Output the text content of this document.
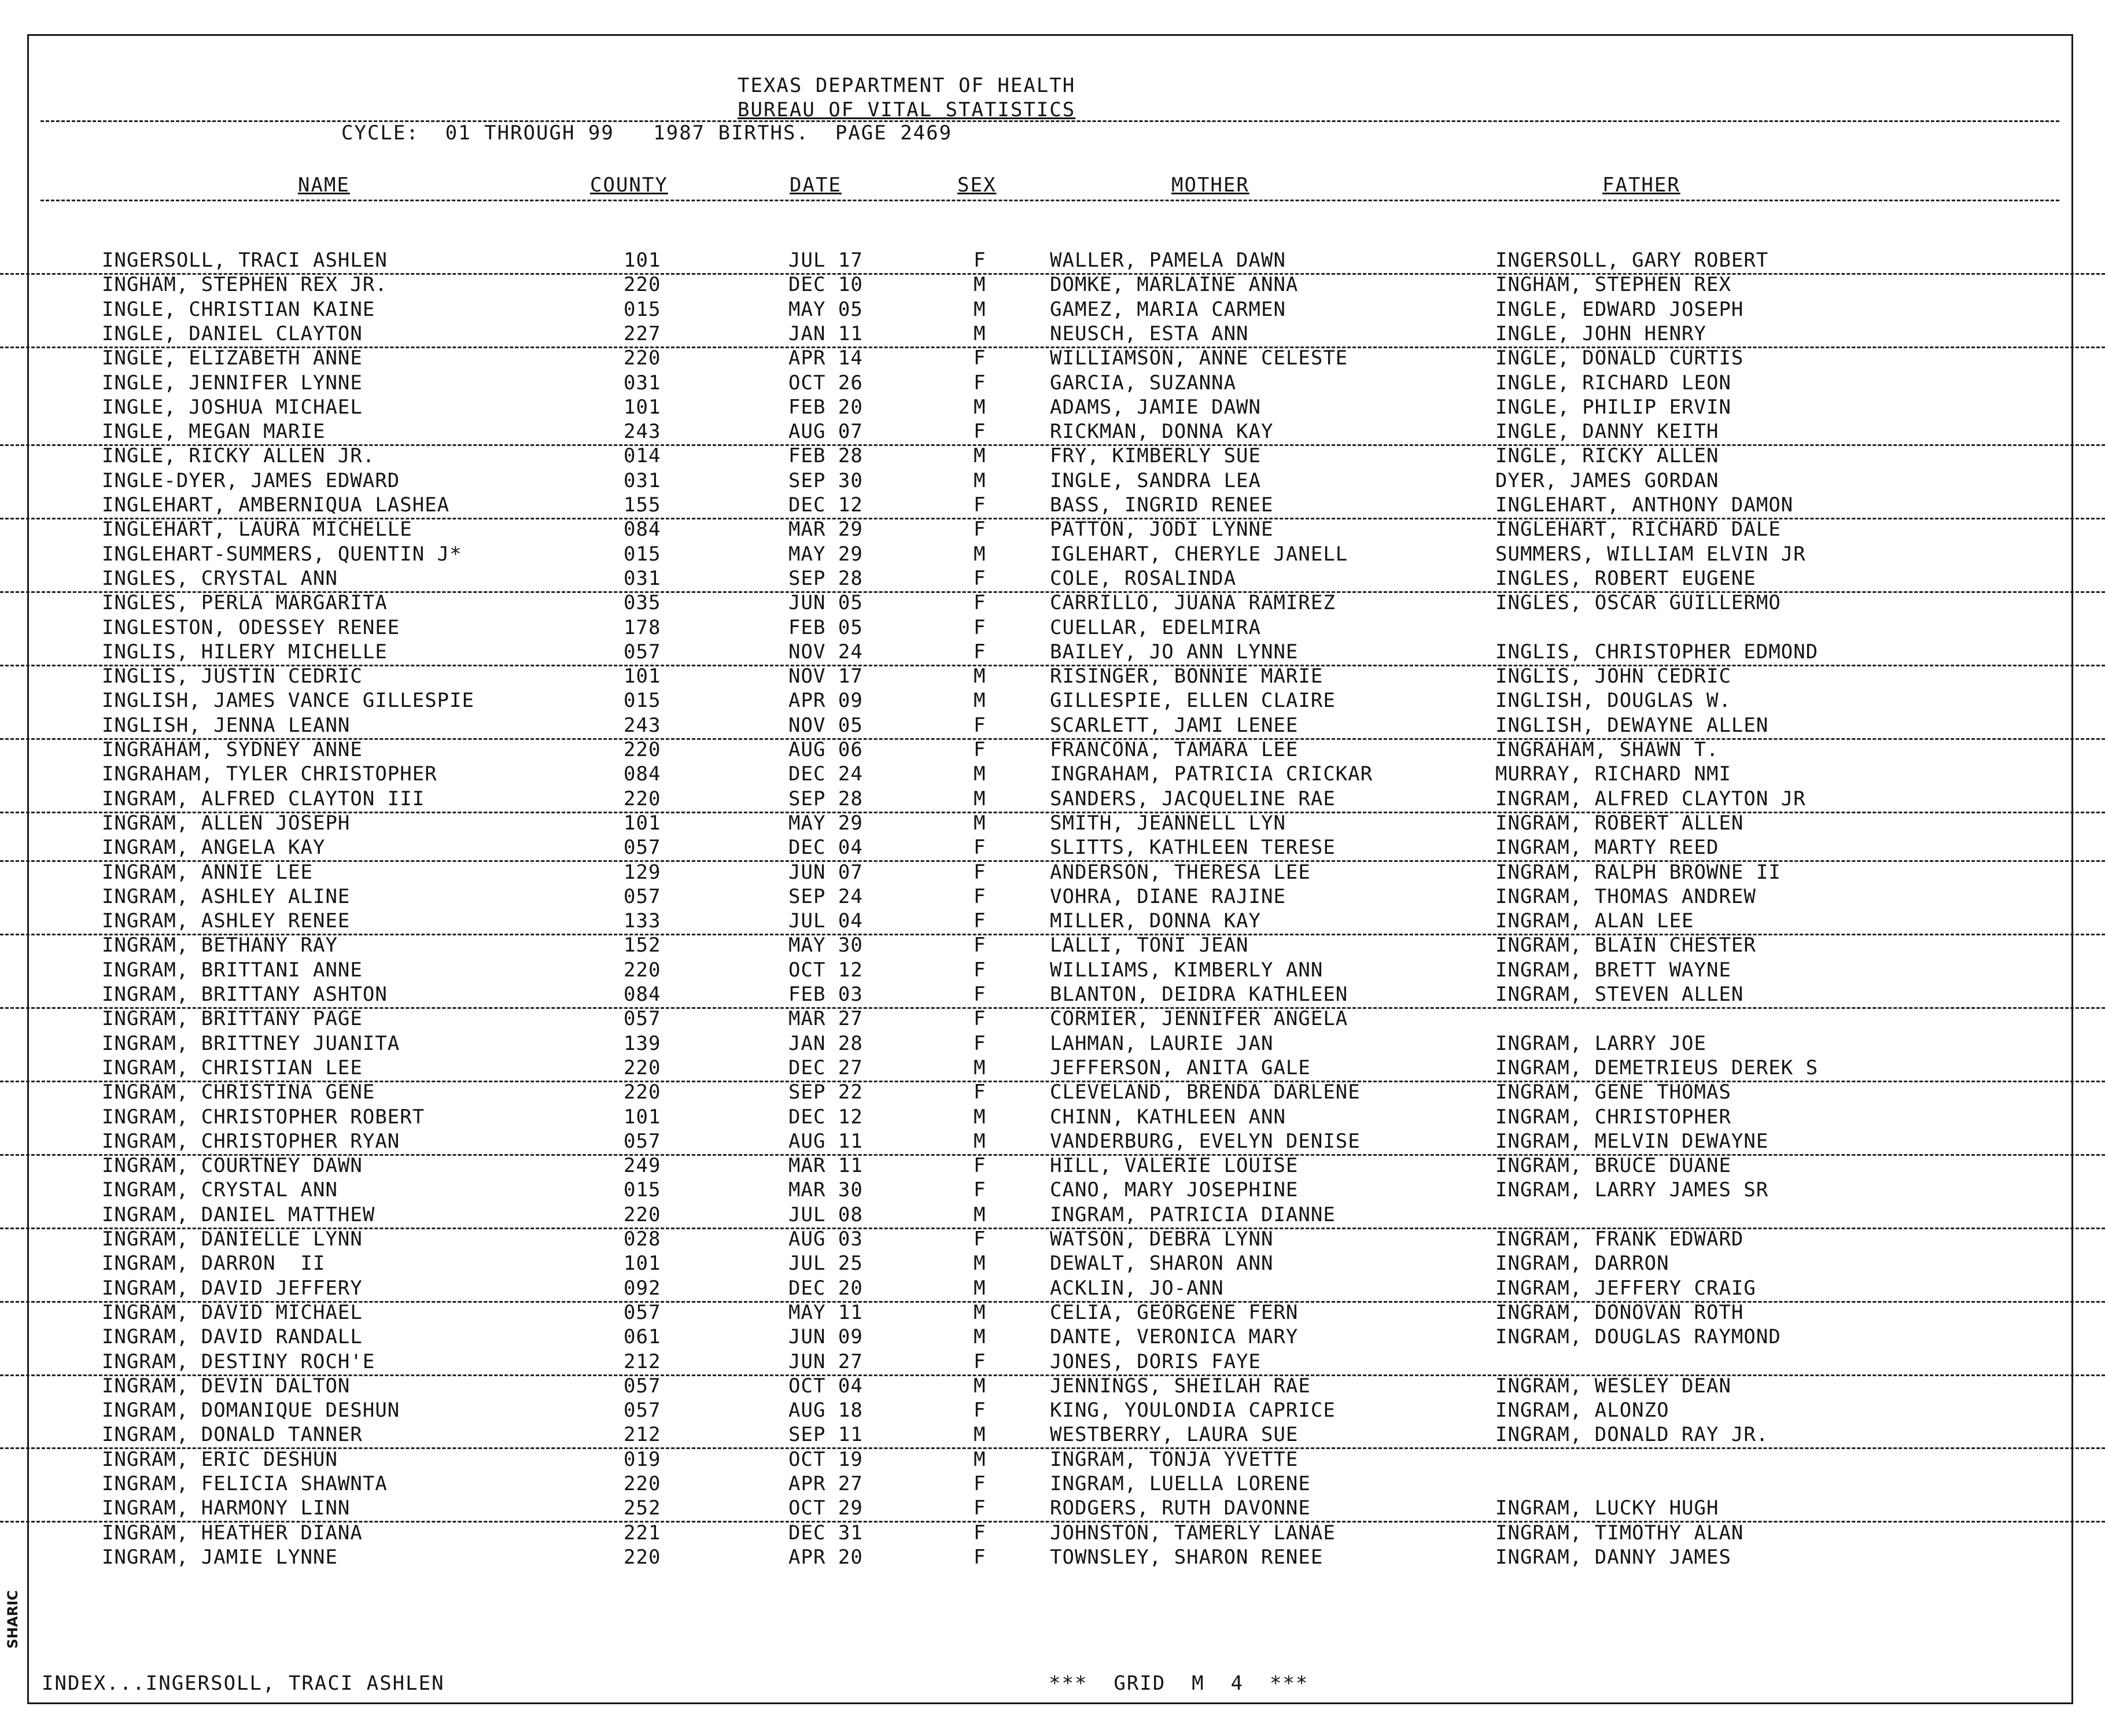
TEXAS DEPARTMENT OF HEALTH
BUREAU OF VITAL STATISTICS
CYCLE:  01 THROUGH 99   1987 BIRTHS.  PAGE 2469
NAME	COUNTY	DATE	SEX	MOTHER	FATHER
INGERSOLL, TRACI ASHLEN	101	JUL 17	F	WALLER, PAMELA DAWN	INGERSOLL, GARY ROBERT
INGHAM, STEPHEN REX JR.	220	DEC 10	M	DOMKE, MARLAINE ANNA	INGHAM, STEPHEN REX
INGLE, CHRISTIAN KAINE	015	MAY 05	M	GAMEZ, MARIA CARMEN	INGLE, EDWARD JOSEPH
INGLE, DANIEL CLAYTON	227	JAN 11	M	NEUSCH, ESTA ANN	INGLE, JOHN HENRY
INGLE, ELIZABETH ANNE	220	APR 14	F	WILLIAMSON, ANNE CELESTE	INGLE, DONALD CURTIS
INGLE, JENNIFER LYNNE	031	OCT 26	F	GARCIA, SUZANNA	INGLE, RICHARD LEON
INGLE, JOSHUA MICHAEL	101	FEB 20	M	ADAMS, JAMIE DAWN	INGLE, PHILIP ERVIN
INGLE, MEGAN MARIE	243	AUG 07	F	RICKMAN, DONNA KAY	INGLE, DANNY KEITH
INGLE, RICKY ALLEN JR.	014	FEB 28	M	FRY, KIMBERLY SUE	INGLE, RICKY ALLEN
INGLE-DYER, JAMES EDWARD	031	SEP 30	M	INGLE, SANDRA LEA	DYER, JAMES GORDAN
INGLEHART, AMBERNIQUA LASHEA	155	DEC 12	F	BASS, INGRID RENEE	INGLEHART, ANTHONY DAMON
INGLEHART, LAURA MICHELLE	084	MAR 29	F	PATTON, JODI LYNNE	INGLEHART, RICHARD DALE
INGLEHART-SUMMERS, QUENTIN J*	015	MAY 29	M	IGLEHART, CHERYLE JANELL	SUMMERS, WILLIAM ELVIN JR
INGLES, CRYSTAL ANN	031	SEP 28	F	COLE, ROSALINDA	INGLES, ROBERT EUGENE
INGLES, PERLA MARGARITA	035	JUN 05	F	CARRILLO, JUANA RAMIREZ	INGLES, OSCAR GUILLERMO
INGLESTON, ODESSEY RENEE	178	FEB 05	F	CUELLAR, EDELMIRA
INGLIS, HILERY MICHELLE	057	NOV 24	F	BAILEY, JO ANN LYNNE	INGLIS, CHRISTOPHER EDMOND
INGLIS, JUSTIN CEDRIC	101	NOV 17	M	RISINGER, BONNIE MARIE	INGLIS, JOHN CEDRIC
INGLISH, JAMES VANCE GILLESPIE	015	APR 09	M	GILLESPIE, ELLEN CLAIRE	INGLISH, DOUGLAS W.
INGLISH, JENNA LEANN	243	NOV 05	F	SCARLETT, JAMI LENEE	INGLISH, DEWAYNE ALLEN
INGRAHAM, SYDNEY ANNE	220	AUG 06	F	FRANCONA, TAMARA LEE	INGRAHAM, SHAWN T.
INGRAHAM, TYLER CHRISTOPHER	084	DEC 24	M	INGRAHAM, PATRICIA CRICKAR	MURRAY, RICHARD NMI
INGRAM, ALFRED CLAYTON III	220	SEP 28	M	SANDERS, JACQUELINE RAE	INGRAM, ALFRED CLAYTON JR
INGRAM, ALLEN JOSEPH	101	MAY 29	M	SMITH, JEANNELL LYN	INGRAM, ROBERT ALLEN
INGRAM, ANGELA KAY	057	DEC 04	F	SLITTS, KATHLEEN TERESE	INGRAM, MARTY REED
INGRAM, ANNIE LEE	129	JUN 07	F	ANDERSON, THERESA LEE	INGRAM, RALPH BROWNE II
INGRAM, ASHLEY ALINE	057	SEP 24	F	VOHRA, DIANE RAJINE	INGRAM, THOMAS ANDREW
INGRAM, ASHLEY RENEE	133	JUL 04	F	MILLER, DONNA KAY	INGRAM, ALAN LEE
INGRAM, BETHANY RAY	152	MAY 30	F	LALLI, TONI JEAN	INGRAM, BLAIN CHESTER
INGRAM, BRITTANI ANNE	220	OCT 12	F	WILLIAMS, KIMBERLY ANN	INGRAM, BRETT WAYNE
INGRAM, BRITTANY ASHTON	084	FEB 03	F	BLANTON, DEIDRA KATHLEEN	INGRAM, STEVEN ALLEN
INGRAM, BRITTANY PAGE	057	MAR 27	F	CORMIER, JENNIFER ANGELA
INGRAM, BRITTNEY JUANITA	139	JAN 28	F	LAHMAN, LAURIE JAN	INGRAM, LARRY JOE
INGRAM, CHRISTIAN LEE	220	DEC 27	M	JEFFERSON, ANITA GALE	INGRAM, DEMETRIEUS DEREK S
INGRAM, CHRISTINA GENE	220	SEP 22	F	CLEVELAND, BRENDA DARLENE	INGRAM, GENE THOMAS
INGRAM, CHRISTOPHER ROBERT	101	DEC 12	M	CHINN, KATHLEEN ANN	INGRAM, CHRISTOPHER
INGRAM, CHRISTOPHER RYAN	057	AUG 11	M	VANDERBURG, EVELYN DENISE	INGRAM, MELVIN DEWAYNE
INGRAM, COURTNEY DAWN	249	MAR 11	F	HILL, VALERIE LOUISE	INGRAM, BRUCE DUANE
INGRAM, CRYSTAL ANN	015	MAR 30	F	CANO, MARY JOSEPHINE	INGRAM, LARRY JAMES SR
INGRAM, DANIEL MATTHEW	220	JUL 08	M	INGRAM, PATRICIA DIANNE
INGRAM, DANIELLE LYNN	028	AUG 03	F	WATSON, DEBRA LYNN	INGRAM, FRANK EDWARD
INGRAM, DARRON  II	101	JUL 25	M	DEWALT, SHARON ANN	INGRAM, DARRON
INGRAM, DAVID JEFFERY	092	DEC 20	M	ACKLIN, JO-ANN	INGRAM, JEFFERY CRAIG
INGRAM, DAVID MICHAEL	057	MAY 11	M	CELIA, GEORGENE FERN	INGRAM, DONOVAN ROTH
INGRAM, DAVID RANDALL	061	JUN 09	M	DANTE, VERONICA MARY	INGRAM, DOUGLAS RAYMOND
INGRAM, DESTINY ROCH'E	212	JUN 27	F	JONES, DORIS FAYE
INGRAM, DEVIN DALTON	057	OCT 04	M	JENNINGS, SHEILAH RAE	INGRAM, WESLEY DEAN
INGRAM, DOMANIQUE DESHUN	057	AUG 18	F	KING, YOULONDIA CAPRICE	INGRAM, ALONZO
INGRAM, DONALD TANNER	212	SEP 11	M	WESTBERRY, LAURA SUE	INGRAM, DONALD RAY JR.
INGRAM, ERIC DESHUN	019	OCT 19	M	INGRAM, TONJA YVETTE
INGRAM, FELICIA SHAWNTA	220	APR 27	F	INGRAM, LUELLA LORENE
INGRAM, HARMONY LINN	252	OCT 29	F	RODGERS, RUTH DAVONNE	INGRAM, LUCKY HUGH
INGRAM, HEATHER DIANA	221	DEC 31	F	JOHNSTON, TAMERLY LANAE	INGRAM, TIMOTHY ALAN
INGRAM, JAMIE LYNNE	220	APR 20	F	TOWNSLEY, SHARON RENEE	INGRAM, DANNY JAMES
INDEX...INGERSOLL, TRACI ASHLEN	***  GRID  M  4  ***
SHARIC
